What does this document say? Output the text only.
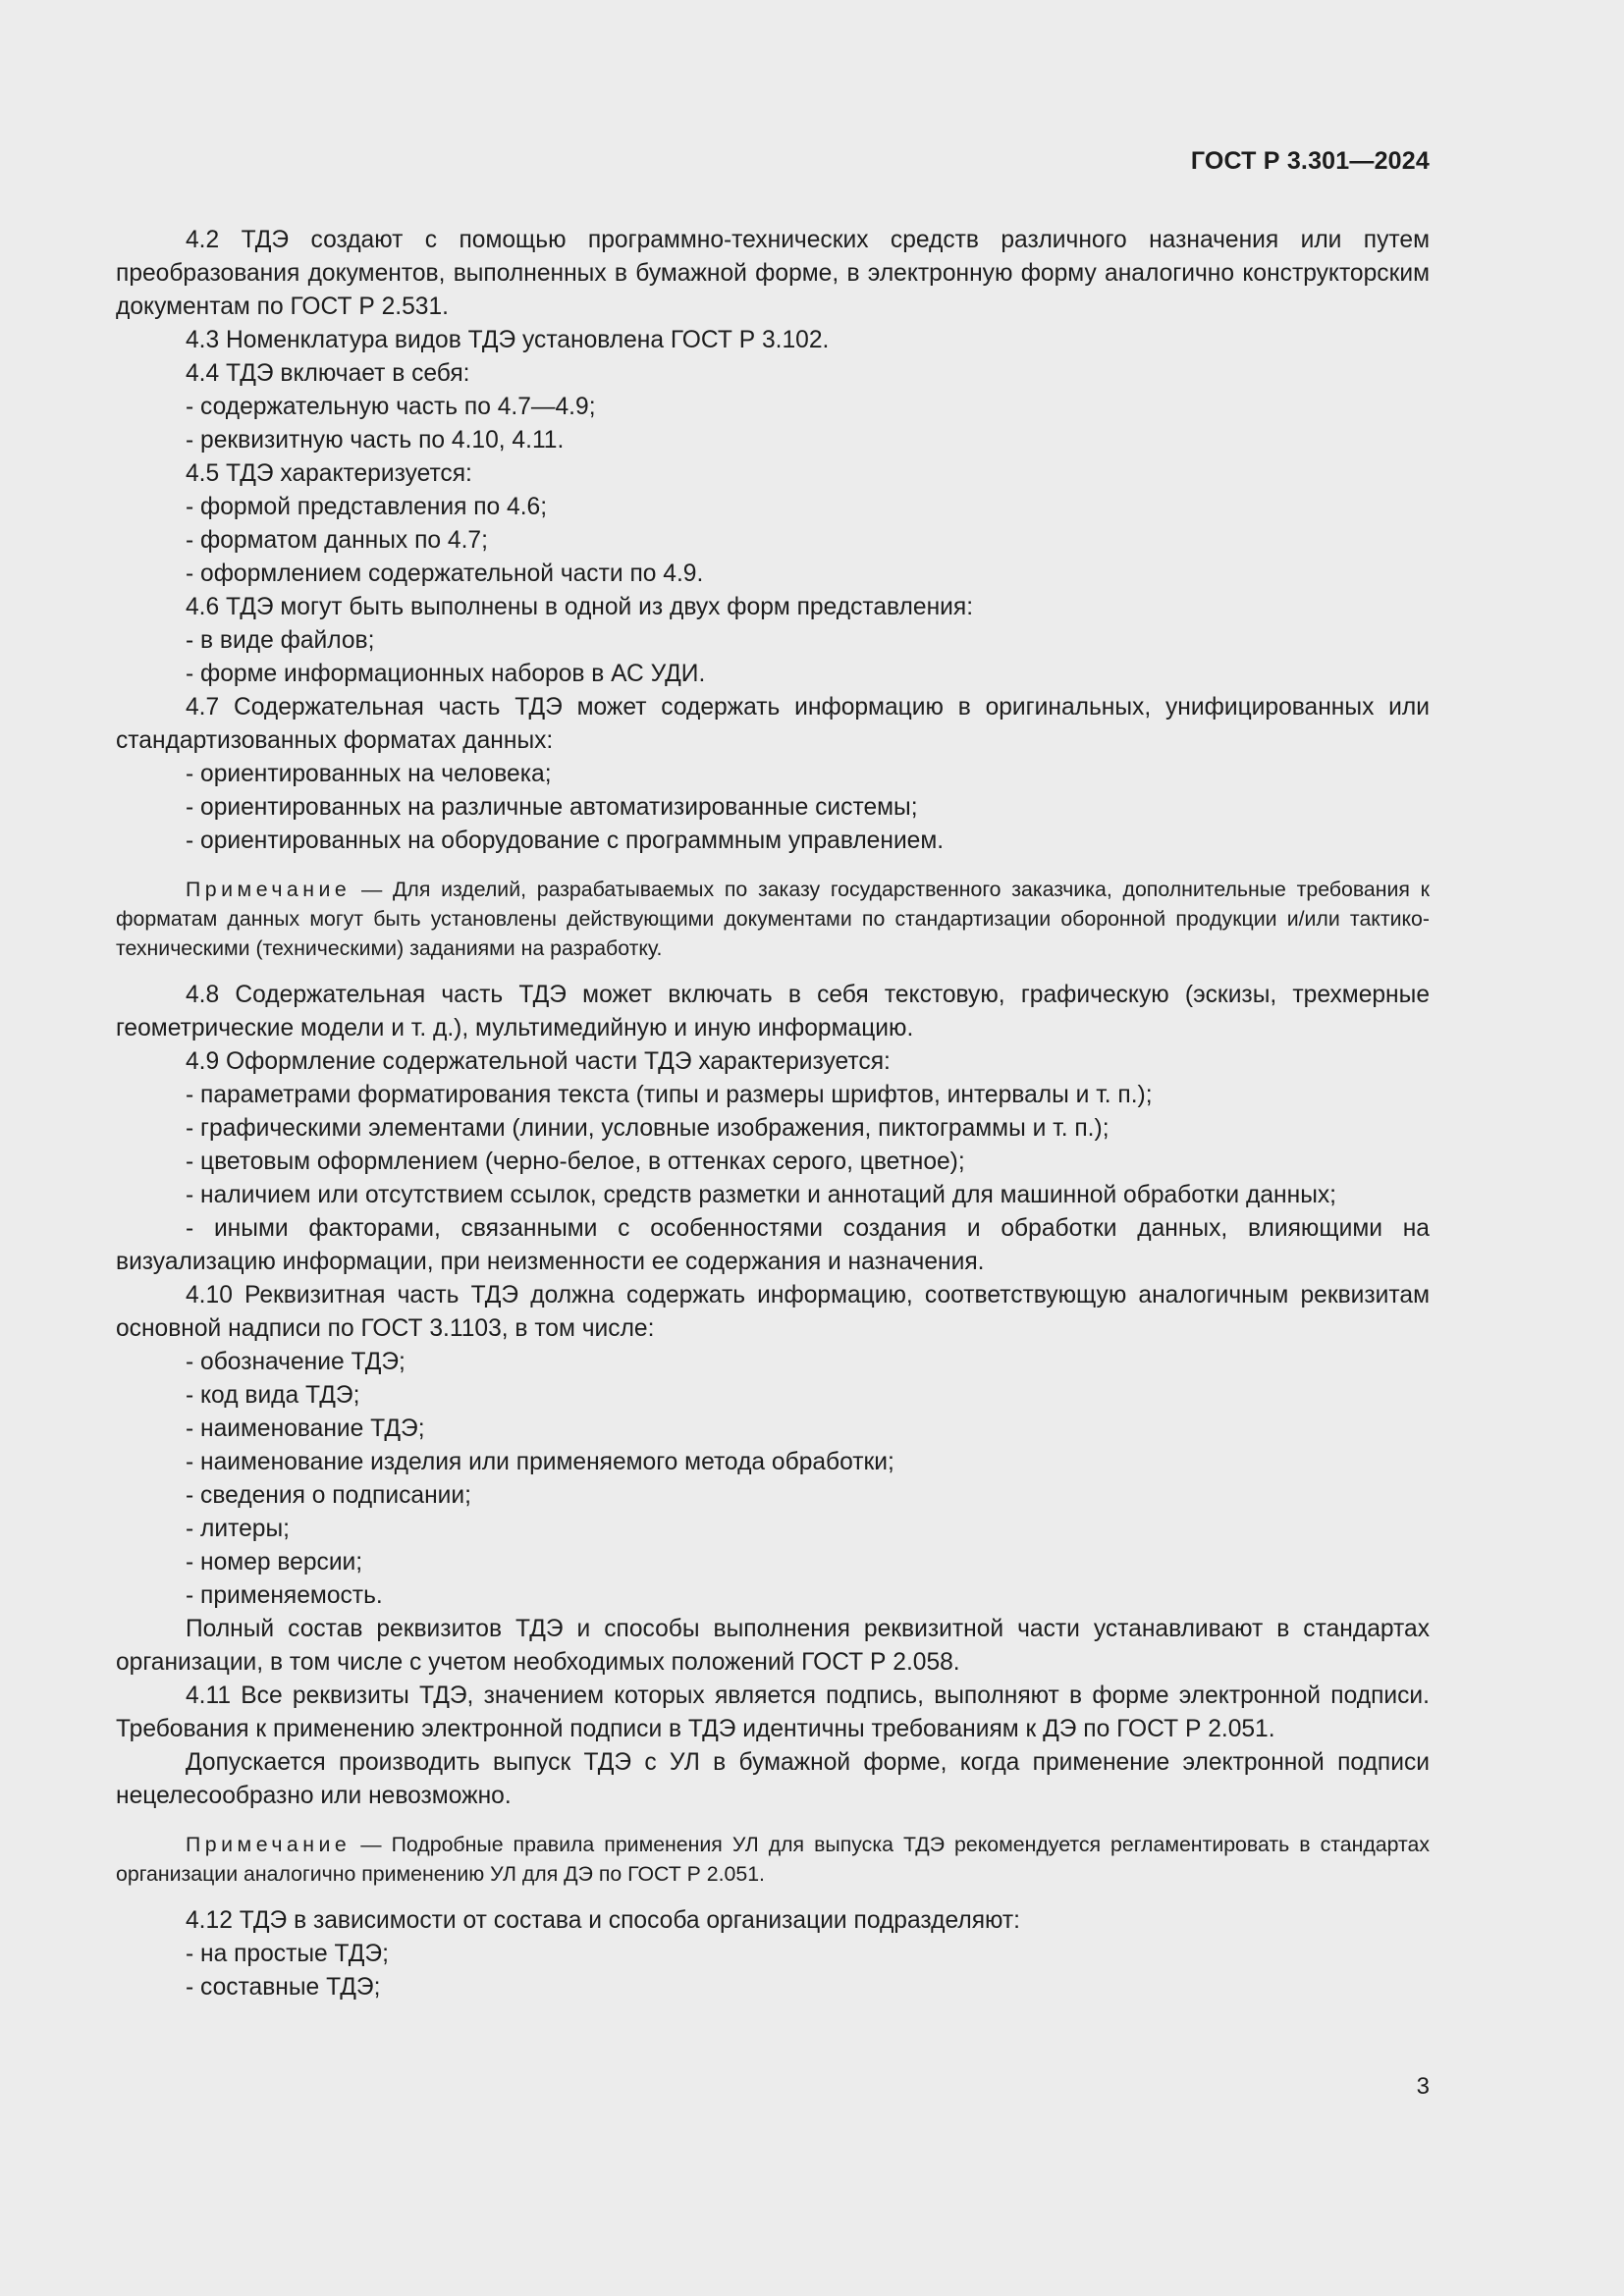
ГОСТ Р 3.301—2024

4.2 ТДЭ создают с помощью программно-технических средств различного назначения или путем преобразования документов, выполненных в бумажной форме, в электронную форму аналогично конструкторским документам по ГОСТ Р 2.531.

4.3 Номенклатура видов ТДЭ установлена ГОСТ Р 3.102.

4.4 ТДЭ включает в себя:

- содержательную часть по 4.7—4.9;

- реквизитную часть по 4.10, 4.11.

4.5 ТДЭ характеризуется:

- формой представления по 4.6;

- форматом данных по 4.7;

- оформлением содержательной части по 4.9.

4.6 ТДЭ могут быть выполнены в одной из двух форм представления:

- в виде файлов;

- форме информационных наборов в АС УДИ.

4.7 Содержательная часть ТДЭ может содержать информацию в оригинальных, унифицированных или стандартизованных форматах данных:

- ориентированных на человека;

- ориентированных на различные автоматизированные системы;

- ориентированных на оборудование с программным управлением.

Примечание — Для изделий, разрабатываемых по заказу государственного заказчика, дополнительные требования к форматам данных могут быть установлены действующими документами по стандартизации оборонной продукции и/или тактико-техническими (техническими) заданиями на разработку.

4.8 Содержательная часть ТДЭ может включать в себя текстовую, графическую (эскизы, трехмерные геометрические модели и т. д.), мультимедийную и иную информацию.

4.9 Оформление содержательной части ТДЭ характеризуется:

- параметрами форматирования текста (типы и размеры шрифтов, интервалы и т. п.);

- графическими элементами (линии, условные изображения, пиктограммы и т. п.);

- цветовым оформлением (черно-белое, в оттенках серого, цветное);

- наличием или отсутствием ссылок, средств разметки и аннотаций для машинной обработки данных;

- иными факторами, связанными с особенностями создания и обработки данных, влияющими на визуализацию информации, при неизменности ее содержания и назначения.

4.10 Реквизитная часть ТДЭ должна содержать информацию, соответствующую аналогичным реквизитам основной надписи по ГОСТ 3.1103, в том числе:

- обозначение ТДЭ;

- код вида ТДЭ;

- наименование ТДЭ;

- наименование изделия или применяемого метода обработки;

- сведения о подписании;

- литеры;

- номер версии;

- применяемость.

Полный состав реквизитов ТДЭ и способы выполнения реквизитной части устанавливают в стандартах организации, в том числе с учетом необходимых положений ГОСТ Р 2.058.

4.11 Все реквизиты ТДЭ, значением которых является подпись, выполняют в форме электронной подписи. Требования к применению электронной подписи в ТДЭ идентичны требованиям к ДЭ по ГОСТ Р 2.051.

Допускается производить выпуск ТДЭ с УЛ в бумажной форме, когда применение электронной подписи нецелесообразно или невозможно.

Примечание — Подробные правила применения УЛ для выпуска ТДЭ рекомендуется регламентировать в стандартах организации аналогично применению УЛ для ДЭ по ГОСТ Р 2.051.

4.12 ТДЭ в зависимости от состава и способа организации подразделяют:

- на простые ТДЭ;

- составные ТДЭ;

3
